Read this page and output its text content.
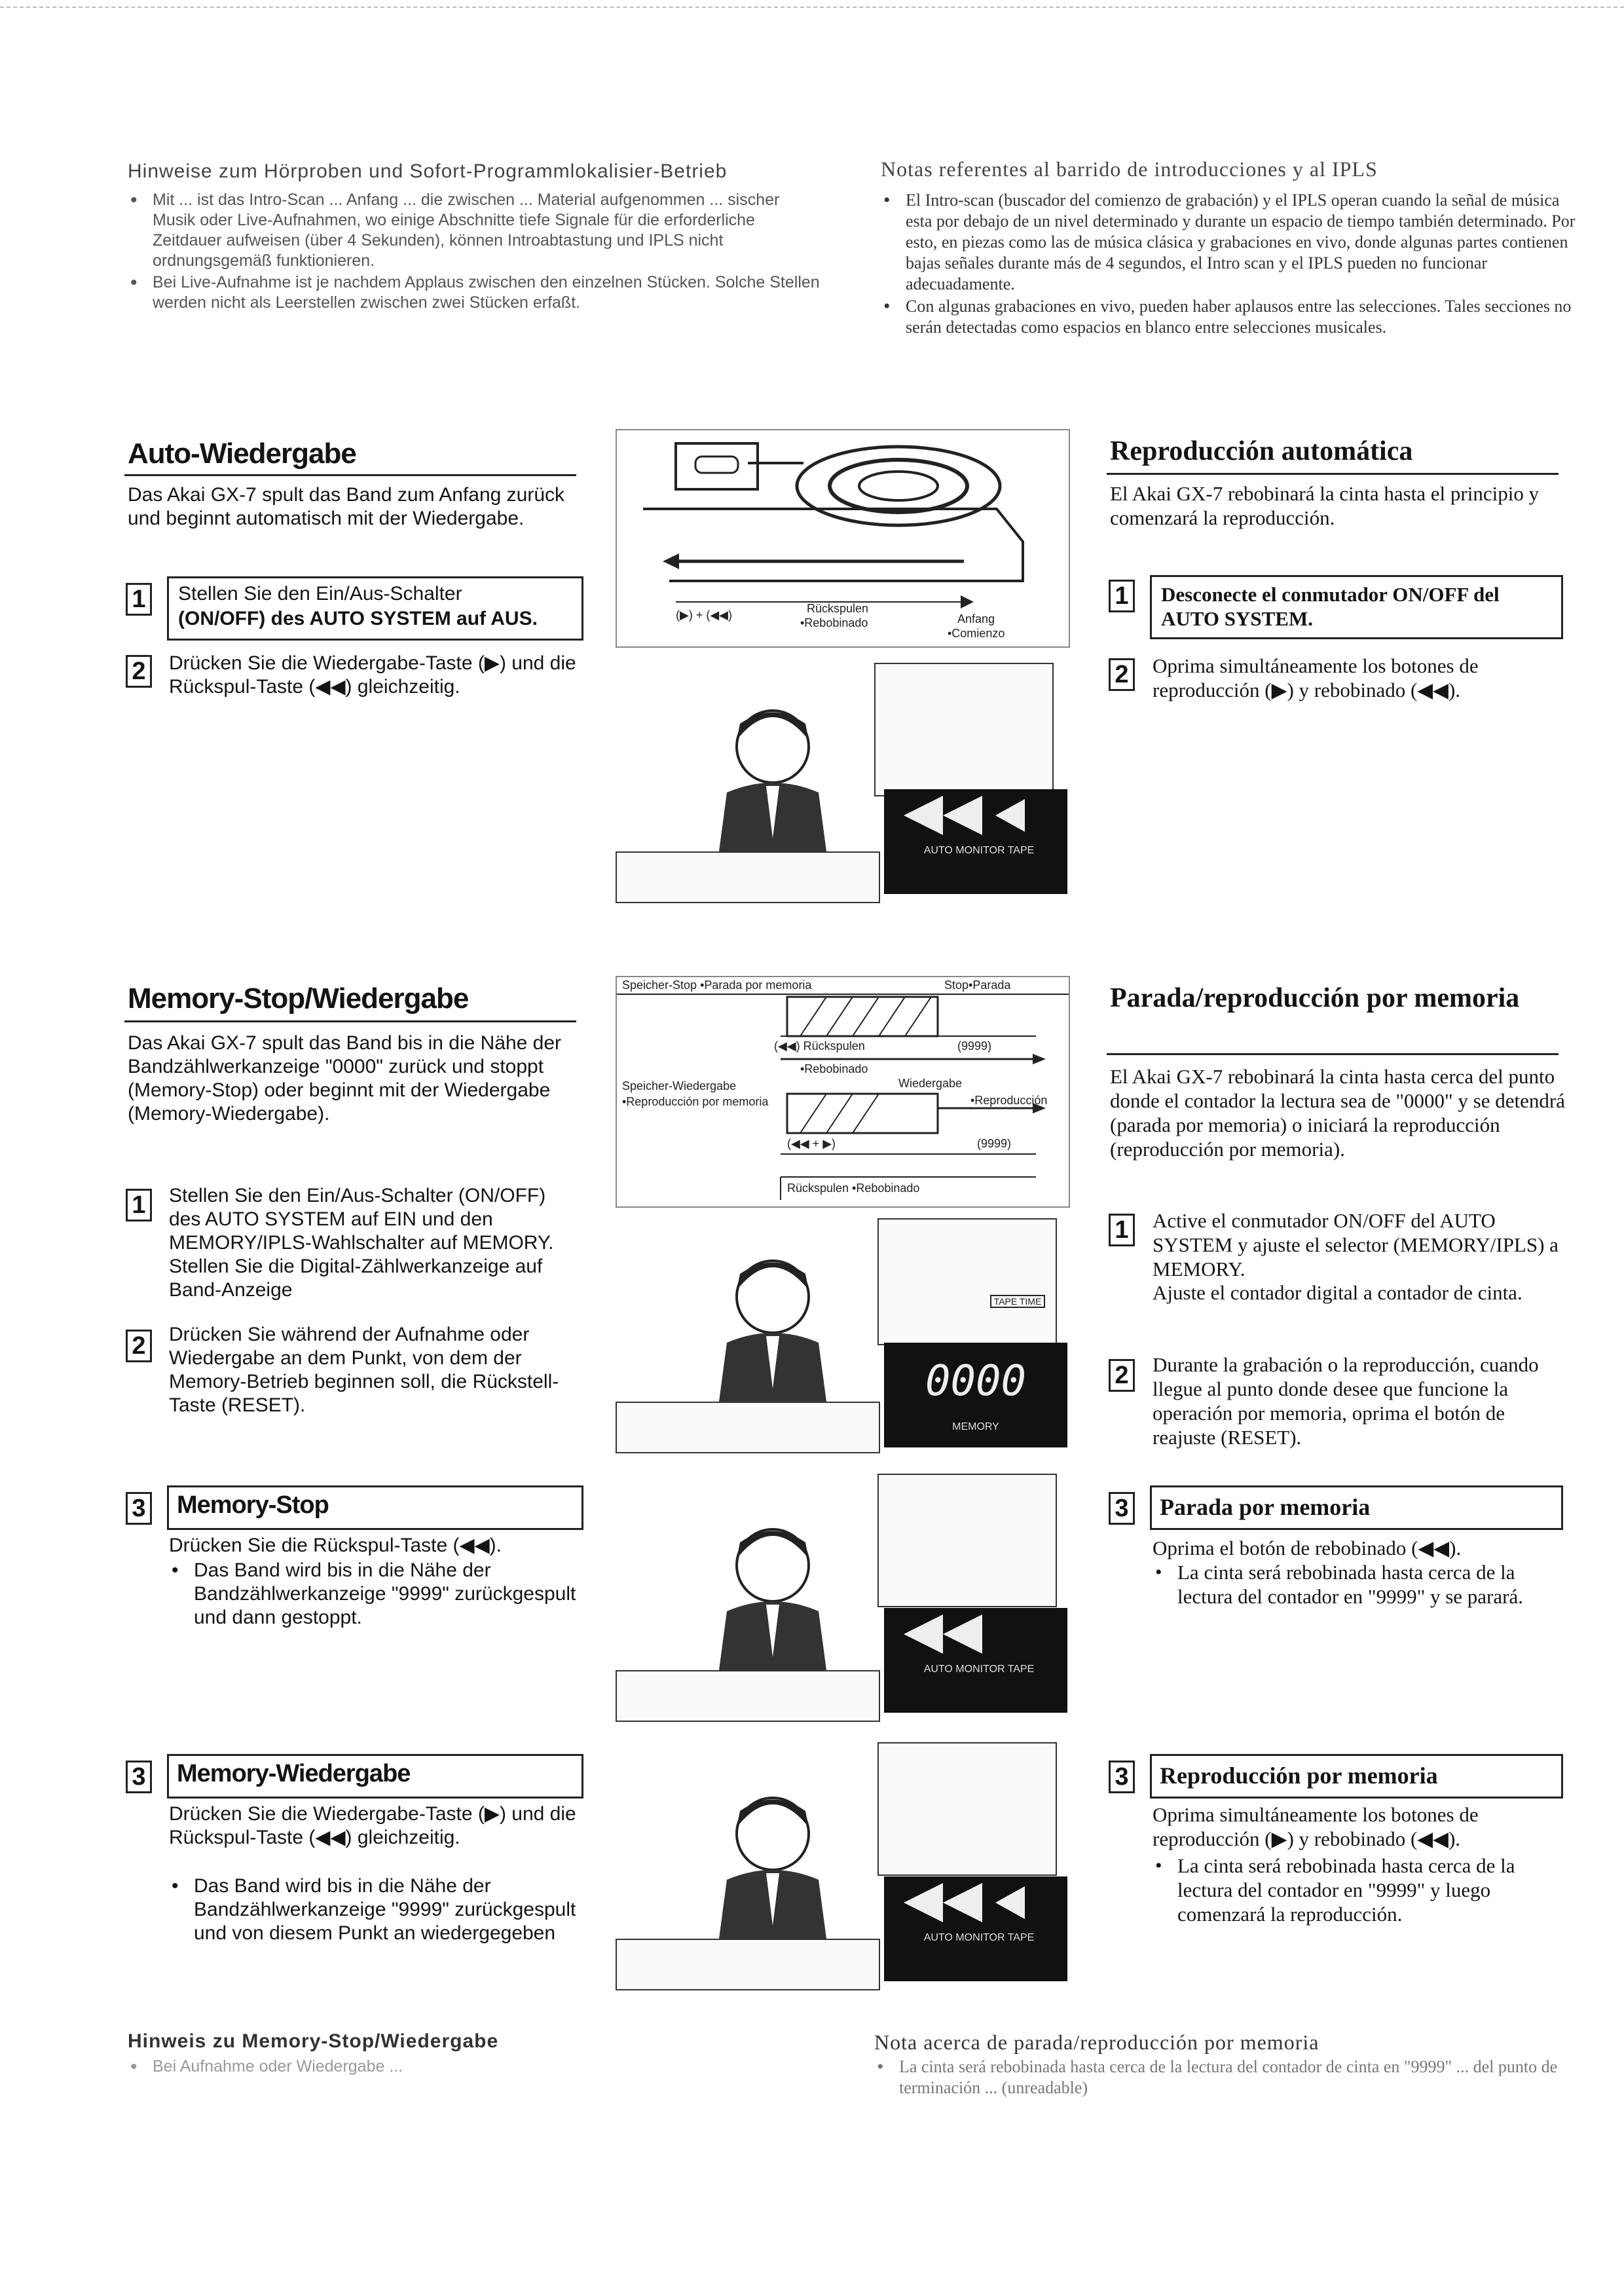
Hinweise zum Hörproben und Sofort-Programmlokalisier-Betrieb
• Mit ... ist das Intro-Scan ... Anfang ... die zwischen ... Material aufgenommen ... sischer Musik oder Live-Aufnahmen, wo einige Abschnitte tiefe Signale für die erforderliche Zeitdauer aufweisen (über 4 Sekunden), können Introabtastung und IPLS nicht ordnungsgemäß funktionieren.
• Bei Live-Aufnahme ist je nachdem Applaus zwischen den einzelnen Stücken. Solche Stellen werden nicht als Leerstellen zwischen zwei Stücken erfaßt.
Notas referentes al barrido de introducciones y al IPLS
• El Intro-scan (buscador del comienzo de grabación) y el IPLS operan cuando la señal de música esta por debajo de un nivel determinado y durante un espacio de tiempo también determinado. Por esto, en piezas como las de música clásica y grabaciones en vivo, donde algunas partes contienen bajas señales durante más de 4 segundos, el Intro scan y el IPLS pueden no funcionar adecuadamente.
• Con algunas grabaciones en vivo, pueden haber aplausos entre las selecciones. Tales secciones no serán detectadas como espacios en blanco entre selecciones musicales.
Auto-Wiedergabe
Das Akai GX-7 spult das Band zum Anfang zurück und beginnt automatisch mit der Wiedergabe.
1	Stellen Sie den Ein/Aus-Schalter
(ON/OFF) des AUTO SYSTEM auf AUS.
2	Drücken Sie die Wiedergabe-Taste (▶) und die Rückspul-Taste (◀◀) gleichzeitig.
Reproducción automática
El Akai GX-7 rebobinará la cinta hasta el principio y comenzará la reproducción.
1	Desconecte el conmutador ON/OFF del AUTO SYSTEM.
2	Oprima simultáneamente los botones de reproducción (▶) y rebobinado (◀◀).
(▶) + (◀◀)	Rückspulen
•Rebobinado	Anfang
•Comienzo
AUTO MONITOR TAPE
Memory-Stop/Wiedergabe
Das Akai GX-7 spult das Band bis in die Nähe der Bandzählwerkanzeige "0000" zurück und stoppt (Memory-Stop) oder beginnt mit der Wiedergabe (Memory-Wiedergabe).
1	Stellen Sie den Ein/Aus-Schalter (ON/OFF) des AUTO SYSTEM auf EIN und den MEMORY/IPLS-Wahlschalter auf MEMORY. Stellen Sie die Digital-Zählwerkanzeige auf Band-Anzeige
2	Drücken Sie während der Aufnahme oder Wiedergabe an dem Punkt, von dem der Memory-Betrieb beginnen soll, die Rückstell-Taste (RESET).
Parada/reproducción por memoria
El Akai GX-7 rebobinará la cinta hasta cerca del punto donde el contador la lectura sea de "0000" y se detendrá (parada por memoria) o iniciará la reproducción (reproducción por memoria).
1	Active el conmutador ON/OFF del AUTO SYSTEM y ajuste el selector (MEMORY/IPLS) a MEMORY.
Ajuste el contador digital a contador de cinta.
2	Durante la grabación o la reproducción, cuando llegue al punto donde desee que funcione la operación por memoria, oprima el botón de reajuste (RESET).
Speicher-Stop •Parada por memoria	Stop•Parada
(◀◀) Rückspulen	(9999)
•Rebobinado
Speicher-Wiedergabe
•Reproducción por memoria
Wiedergabe
•Reproducción
(◀◀ + ▶)	(9999)
Rückspulen •Rebobinado
TAPE TIME
0000
MEMORY
3 Memory-Stop
Drücken Sie die Rückspul-Taste (◀◀).
• Das Band wird bis in die Nähe der Bandzählwerkanzeige "9999" zurückgespult und dann gestoppt.
3 Parada por memoria
Oprima el botón de rebobinado (◀◀).
• La cinta será rebobinada hasta cerca de la lectura del contador en "9999" y se parará.
AUTO MONITOR TAPE
3 Memory-Wiedergabe
Drücken Sie die Wiedergabe-Taste (▶) und die Rückspul-Taste (◀◀) gleichzeitig.
• Das Band wird bis in die Nähe der Bandzählwerkanzeige "9999" zurückgespult und von diesem Punkt an wiedergegeben
3 Reproducción por memoria
Oprima simultáneamente los botones de reproducción (▶) y rebobinado (◀◀).
• La cinta será rebobinada hasta cerca de la lectura del contador en "9999" y luego comenzará la reproducción.
AUTO MONITOR TAPE
Hinweis zu Memory-Stop/Wiedergabe
• Bei Aufnahme oder Wiedergabe ...
Nota acerca de parada/reproducción por memoria
• La cinta será rebobinada hasta cerca de la lectura del contador de cinta en "9999" ... del punto de terminación ... (unreadable)
